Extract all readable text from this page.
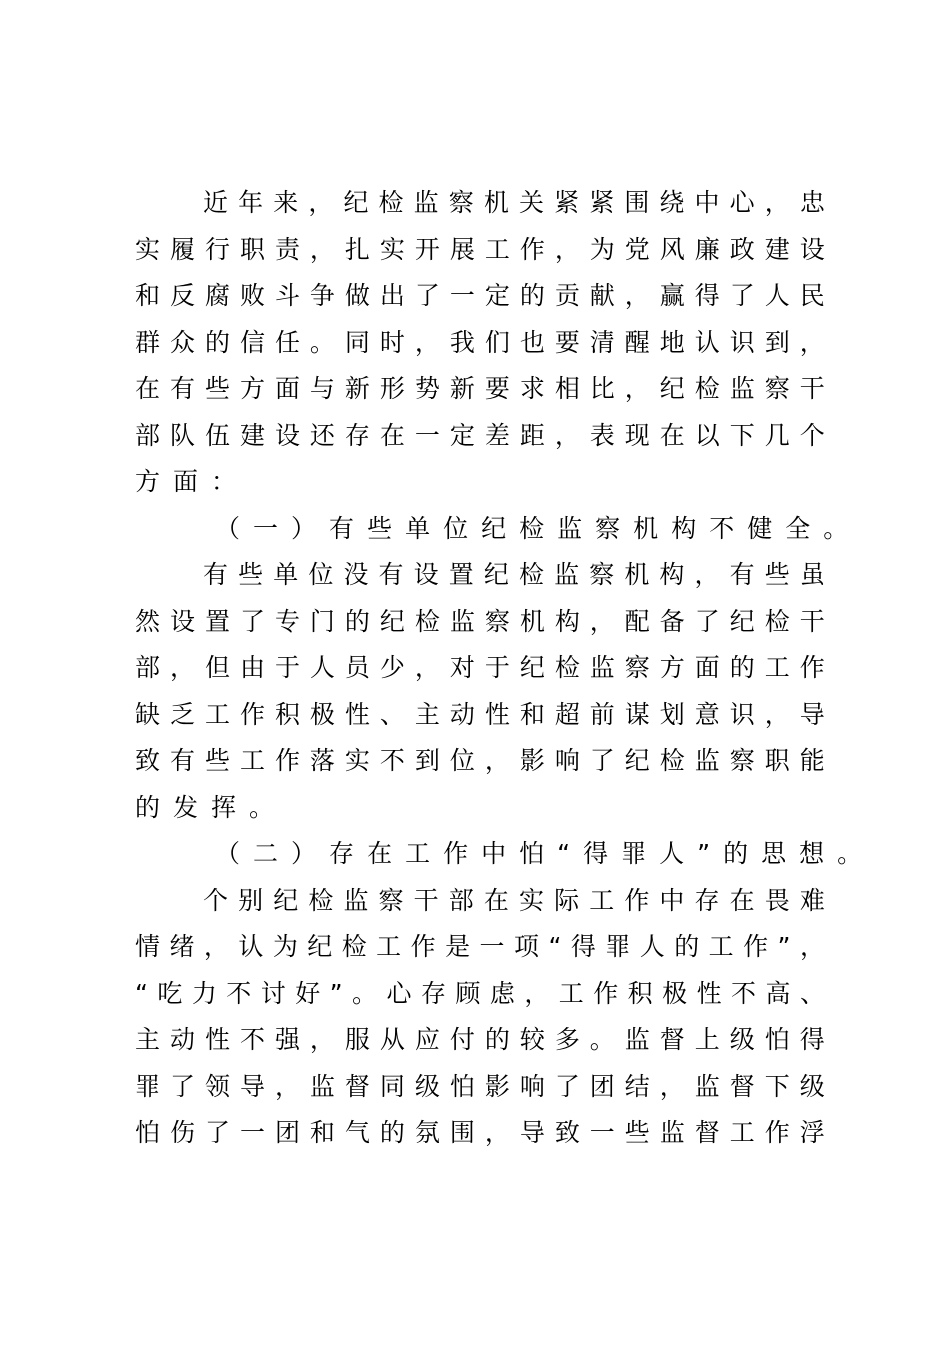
近 年 来 ， 纪 检 监 察 机 关 紧 紧 围 绕 中 心 ， 忠
实 履 行 职 责 ， 扎 实 开 展 工 作 ， 为 党 风 廉 政 建 设
和 反 腐 败 斗 争 做 出 了 一 定 的 贡 献 ， 赢 得 了 人 民
群 众 的 信 任 。 同 时 ， 我 们 也 要 清 醒 地 认 识 到 ，
在 有 些 方 面 与 新 形 势 新 要 求 相 比 ， 纪 检 监 察 干
部 队 伍 建 设 还 存 在 一 定 差 距 ， 表 现 在 以 下 几 个
方 面 ：
（ 一 ） 有 些 单 位 纪 检 监 察 机 构 不 健 全 。
有 些 单 位 没 有 设 置 纪 检 监 察 机 构 ， 有 些 虽
然 设 置 了 专 门 的 纪 检 监 察 机 构 ， 配 备 了 纪 检 干
部 ， 但 由 于 人 员 少 ， 对 于 纪 检 监 察 方 面 的 工 作
缺 乏 工 作 积 极 性 、 主 动 性 和 超 前 谋 划 意 识 ， 导
致 有 些 工 作 落 实 不 到 位 ， 影 响 了 纪 检 监 察 职 能
的 发 挥 。
（ 二 ） 存 在 工 作 中 怕 “ 得 罪 人 ” 的 思 想 。
个 别 纪 检 监 察 干 部 在 实 际 工 作 中 存 在 畏 难
情 绪 ， 认 为 纪 检 工 作 是 一 项 “ 得 罪 人 的 工 作 ” ，
“ 吃 力 不 讨 好 ” 。 心 存 顾 虑 ， 工 作 积 极 性 不 高 、
主 动 性 不 强 ， 服 从 应 付 的 较 多 。 监 督 上 级 怕 得
罪 了 领 导 ， 监 督 同 级 怕 影 响 了 团 结 ， 监 督 下 级
怕 伤 了 一 团 和 气 的 氛 围 ， 导 致 一 些 监 督 工 作 浮
